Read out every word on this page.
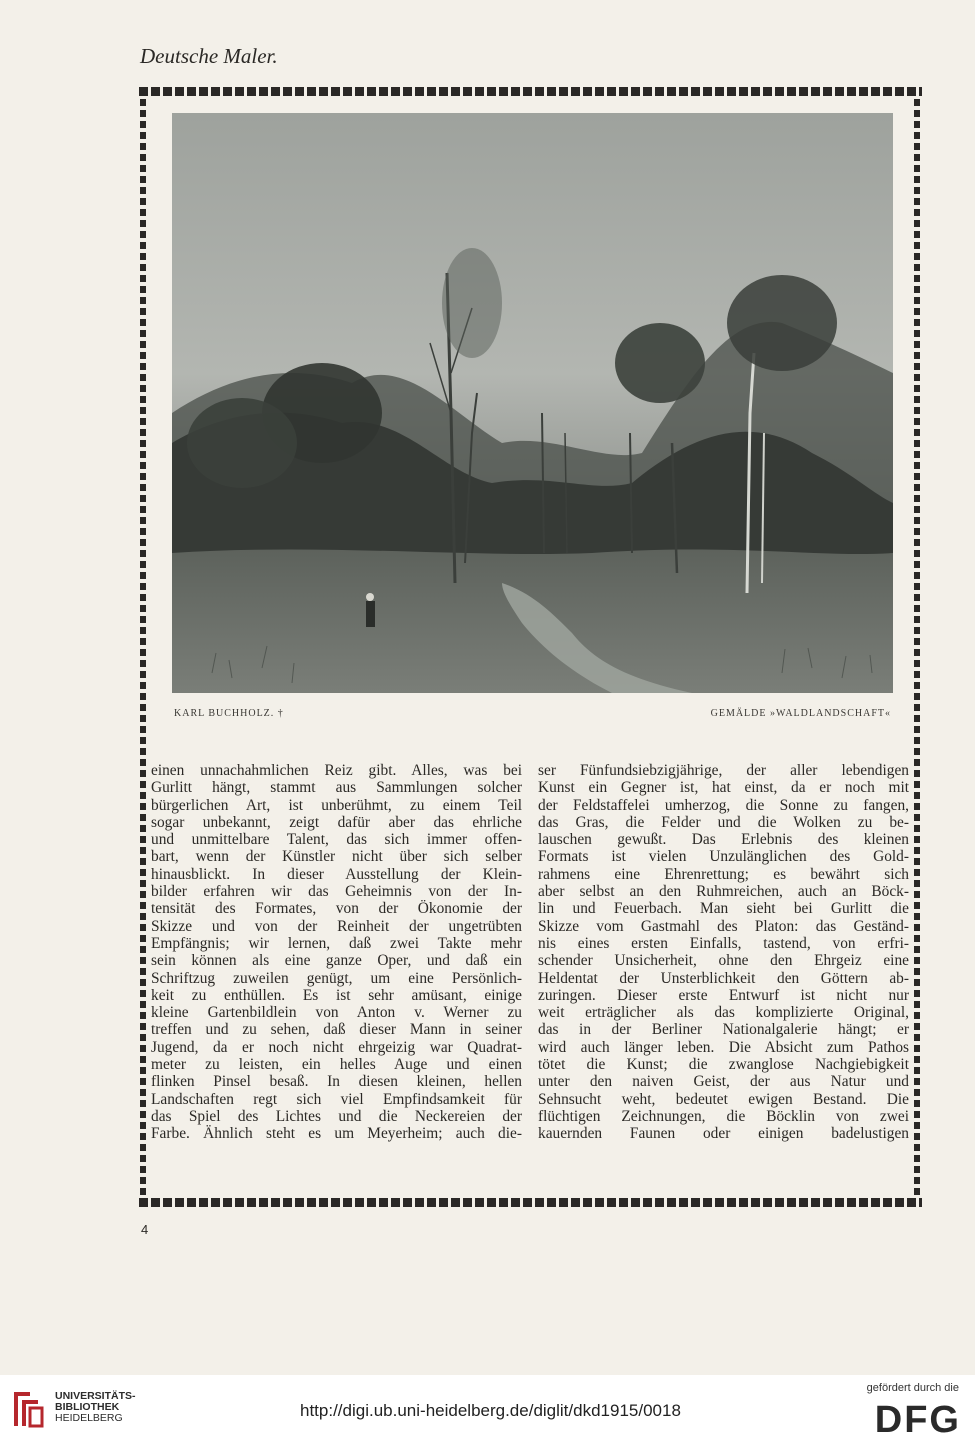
Deutsche Maler.
KARL BUCHHOLZ. †	GEMÄLDE »WALDLANDSCHAFT«
einen unnachahmlichen Reiz gibt. Alles, was bei
Gurlitt hängt, stammt aus Sammlungen solcher
bürgerlichen Art, ist unberühmt, zu einem Teil
sogar unbekannt, zeigt dafür aber das ehrliche
und unmittelbare Talent, das sich immer offen-
bart, wenn der Künstler nicht über sich selber
hinausblickt. In dieser Ausstellung der Klein-
bilder erfahren wir das Geheimnis von der In-
tensität des Formates, von der Ökonomie der
Skizze und von der Reinheit der ungetrübten
Empfängnis; wir lernen, daß zwei Takte mehr
sein können als eine ganze Oper, und daß ein
Schriftzug zuweilen genügt, um eine Persönlich-
keit zu enthüllen. Es ist sehr amüsant, einige
kleine Gartenbildlein von Anton v. Werner zu
treffen und zu sehen, daß dieser Mann in seiner
Jugend, da er noch nicht ehrgeizig war Quadrat-
meter zu leisten, ein helles Auge und einen
flinken Pinsel besaß. In diesen kleinen, hellen
Landschaften regt sich viel Empfindsamkeit für
das Spiel des Lichtes und die Neckereien der
Farbe. Ähnlich steht es um Meyerheim; auch die-
ser Fünfundsiebzigjährige, der aller lebendigen
Kunst ein Gegner ist, hat einst, da er noch mit
der Feldstaffelei umherzog, die Sonne zu fangen,
das Gras, die Felder und die Wolken zu be-
lauschen gewußt. Das Erlebnis des kleinen
Formats ist vielen Unzulänglichen des Gold-
rahmens eine Ehrenrettung; es bewährt sich
aber selbst an den Ruhmreichen, auch an Böck-
lin und Feuerbach. Man sieht bei Gurlitt die
Skizze vom Gastmahl des Platon: das Geständ-
nis eines ersten Einfalls, tastend, von erfri-
schender Unsicherheit, ohne den Ehrgeiz eine
Heldentat der Unsterblichkeit den Göttern ab-
zuringen. Dieser erste Entwurf ist nicht nur
weit erträglicher als das komplizierte Original,
das in der Berliner Nationalgalerie hängt; er
wird auch länger leben. Die Absicht zum Pathos
tötet die Kunst; die zwanglose Nachgiebigkeit
unter den naiven Geist, der aus Natur und
Sehnsucht weht, bedeutet ewigen Bestand. Die
flüchtigen Zeichnungen, die Böcklin von zwei
kauernden Faunen oder einigen badelustigen
4
UNIVERSITÄTS-
BIBLIOTHEK
HEIDELBERG	http://digi.ub.uni-heidelberg.de/diglit/dkd1915/0018
gefördert durch die
DFG
